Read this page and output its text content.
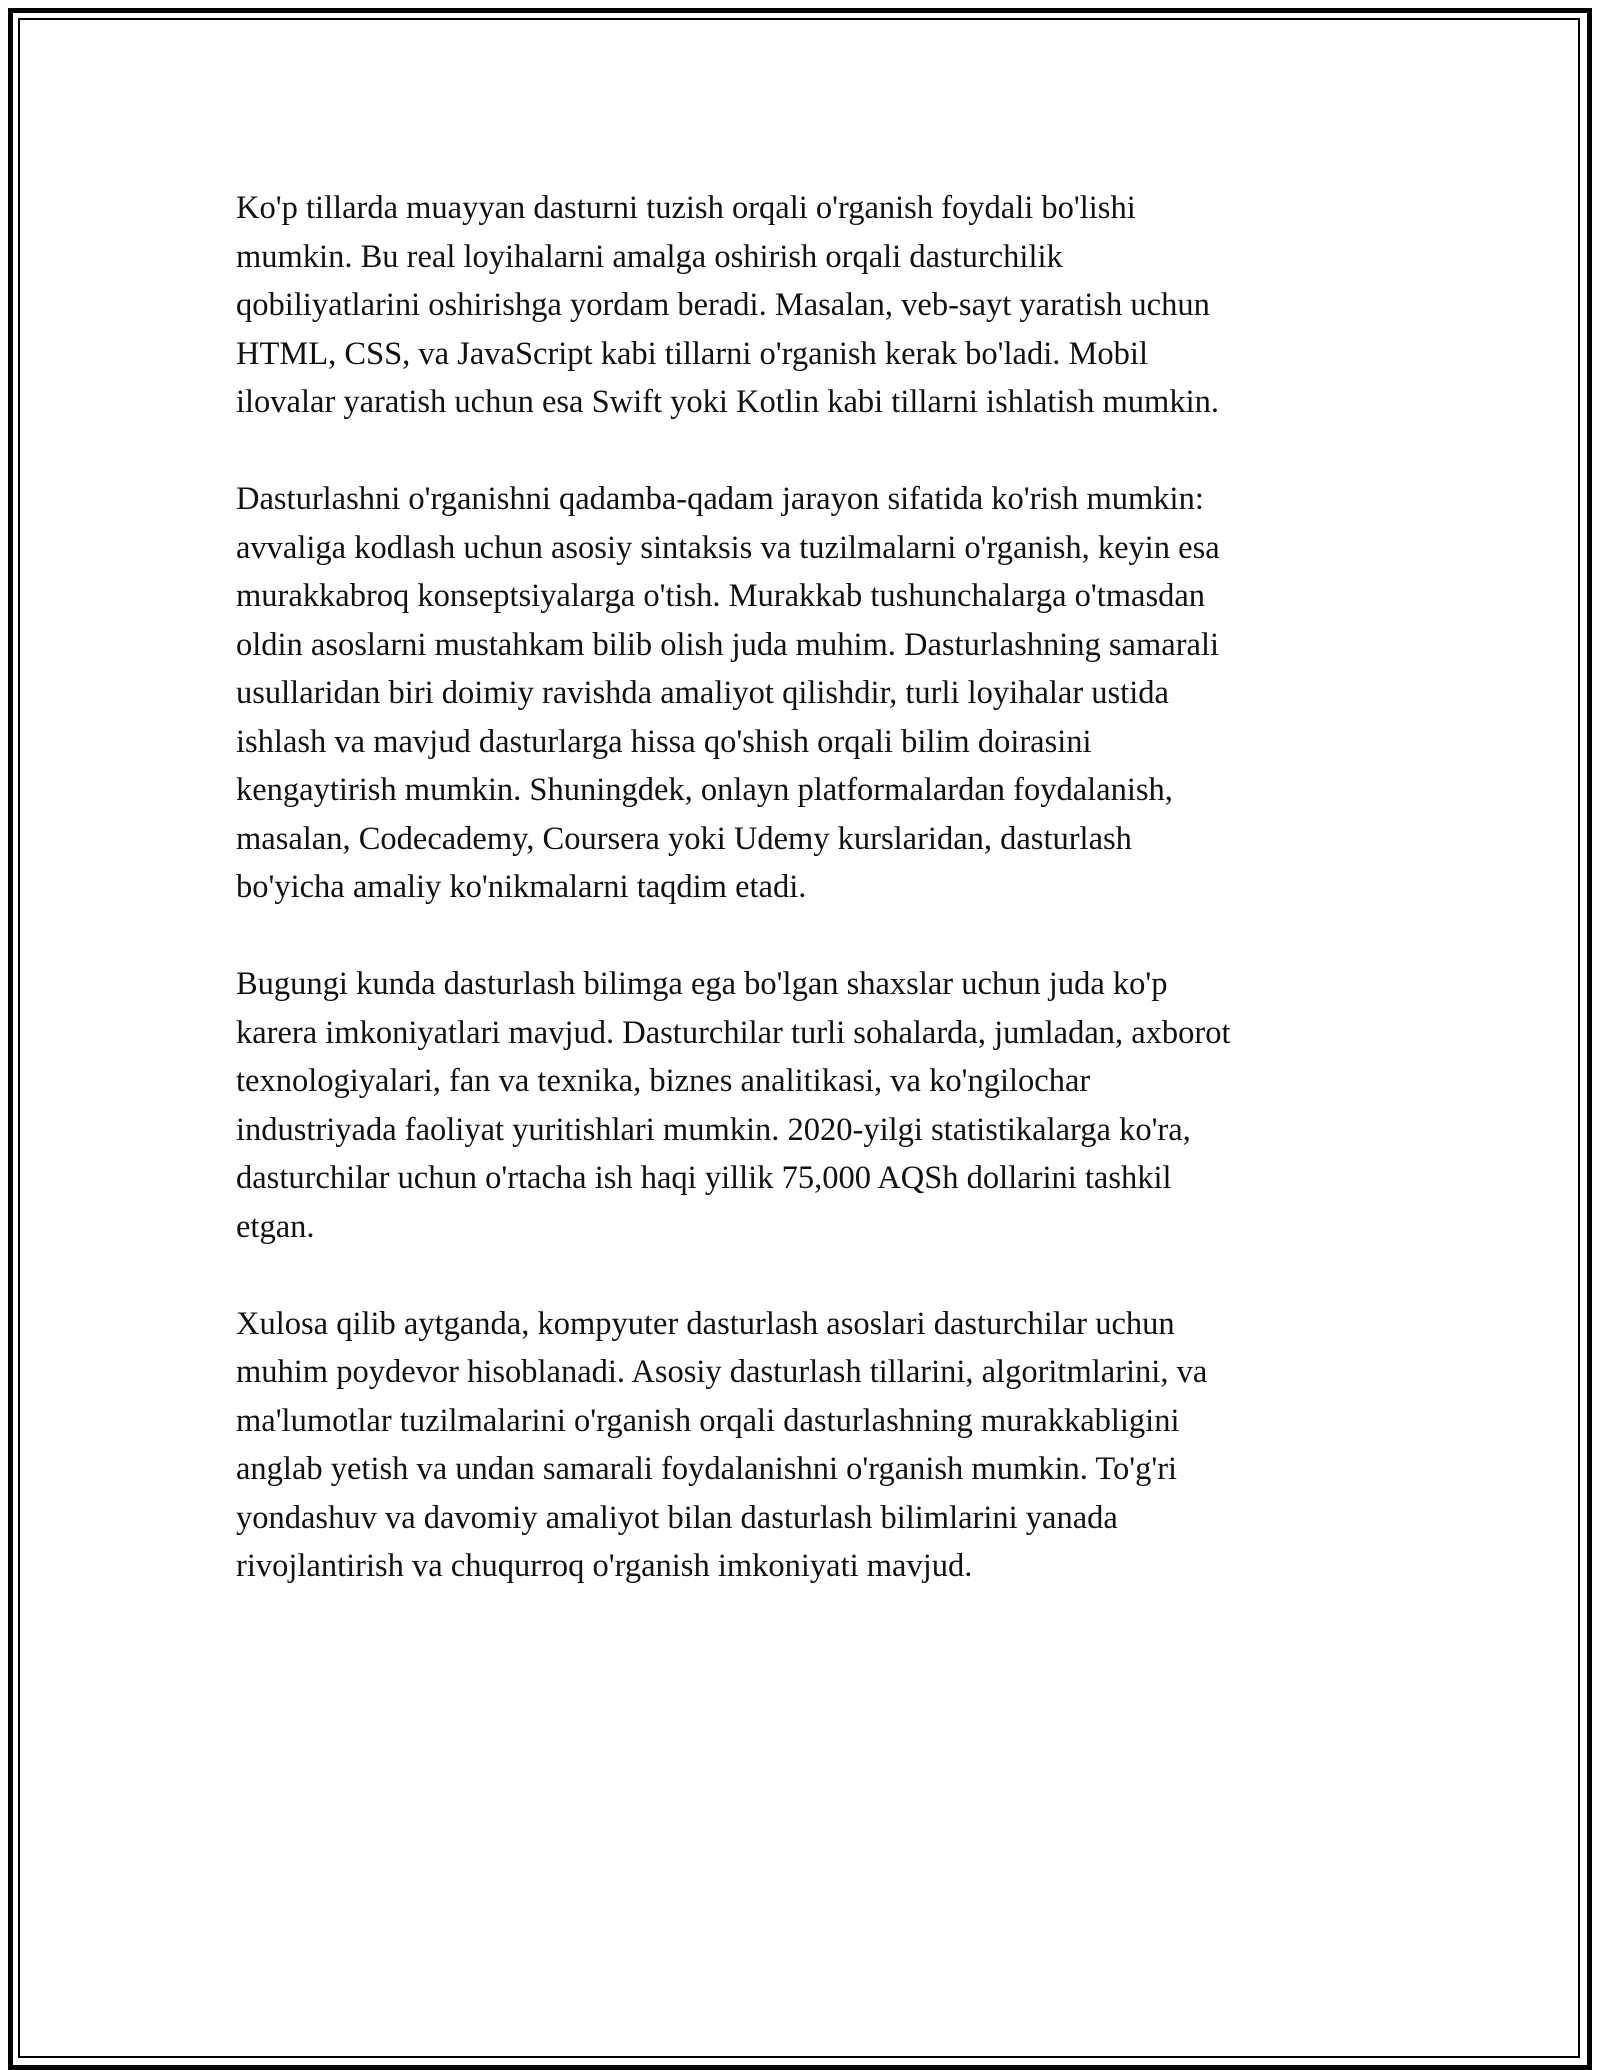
Ko'p tillarda muayyan dasturni tuzish orqali o'rganish foydali bo'lishi
mumkin. Bu real loyihalarni amalga oshirish orqali dasturchilik
qobiliyatlarini oshirishga yordam beradi. Masalan, veb-sayt yaratish uchun
HTML, CSS, va JavaScript kabi tillarni o'rganish kerak bo'ladi. Mobil
ilovalar yaratish uchun esa Swift yoki Kotlin kabi tillarni ishlatish mumkin.

Dasturlashni o'rganishni qadamba-qadam jarayon sifatida ko'rish mumkin:
avvaliga kodlash uchun asosiy sintaksis va tuzilmalarni o'rganish, keyin esa
murakkabroq konseptsiyalarga o'tish. Murakkab tushunchalarga o'tmasdan
oldin asoslarni mustahkam bilib olish juda muhim. Dasturlashning samarali
usullaridan biri doimiy ravishda amaliyot qilishdir, turli loyihalar ustida
ishlash va mavjud dasturlarga hissa qo'shish orqali bilim doirasini
kengaytirish mumkin. Shuningdek, onlayn platformalardan foydalanish,
masalan, Codecademy, Coursera yoki Udemy kurslaridan, dasturlash
bo'yicha amaliy ko'nikmalarni taqdim etadi.

Bugungi kunda dasturlash bilimga ega bo'lgan shaxslar uchun juda ko'p
karera imkoniyatlari mavjud. Dasturchilar turli sohalarda, jumladan, axborot
texnologiyalari, fan va texnika, biznes analitikasi, va ko'ngilochar
industriyada faoliyat yuritishlari mumkin. 2020-yilgi statistikalarga ko'ra,
dasturchilar uchun o'rtacha ish haqi yillik 75,000 AQSh dollarini tashkil
etgan.

Xulosa qilib aytganda, kompyuter dasturlash asoslari dasturchilar uchun
muhim poydevor hisoblanadi. Asosiy dasturlash tillarini, algoritmlarini, va
ma'lumotlar tuzilmalarini o'rganish orqali dasturlashning murakkabligini
anglab yetish va undan samarali foydalanishni o'rganish mumkin. To'g'ri
yondashuv va davomiy amaliyot bilan dasturlash bilimlarini yanada
rivojlantirish va chuqurroq o'rganish imkoniyati mavjud.
